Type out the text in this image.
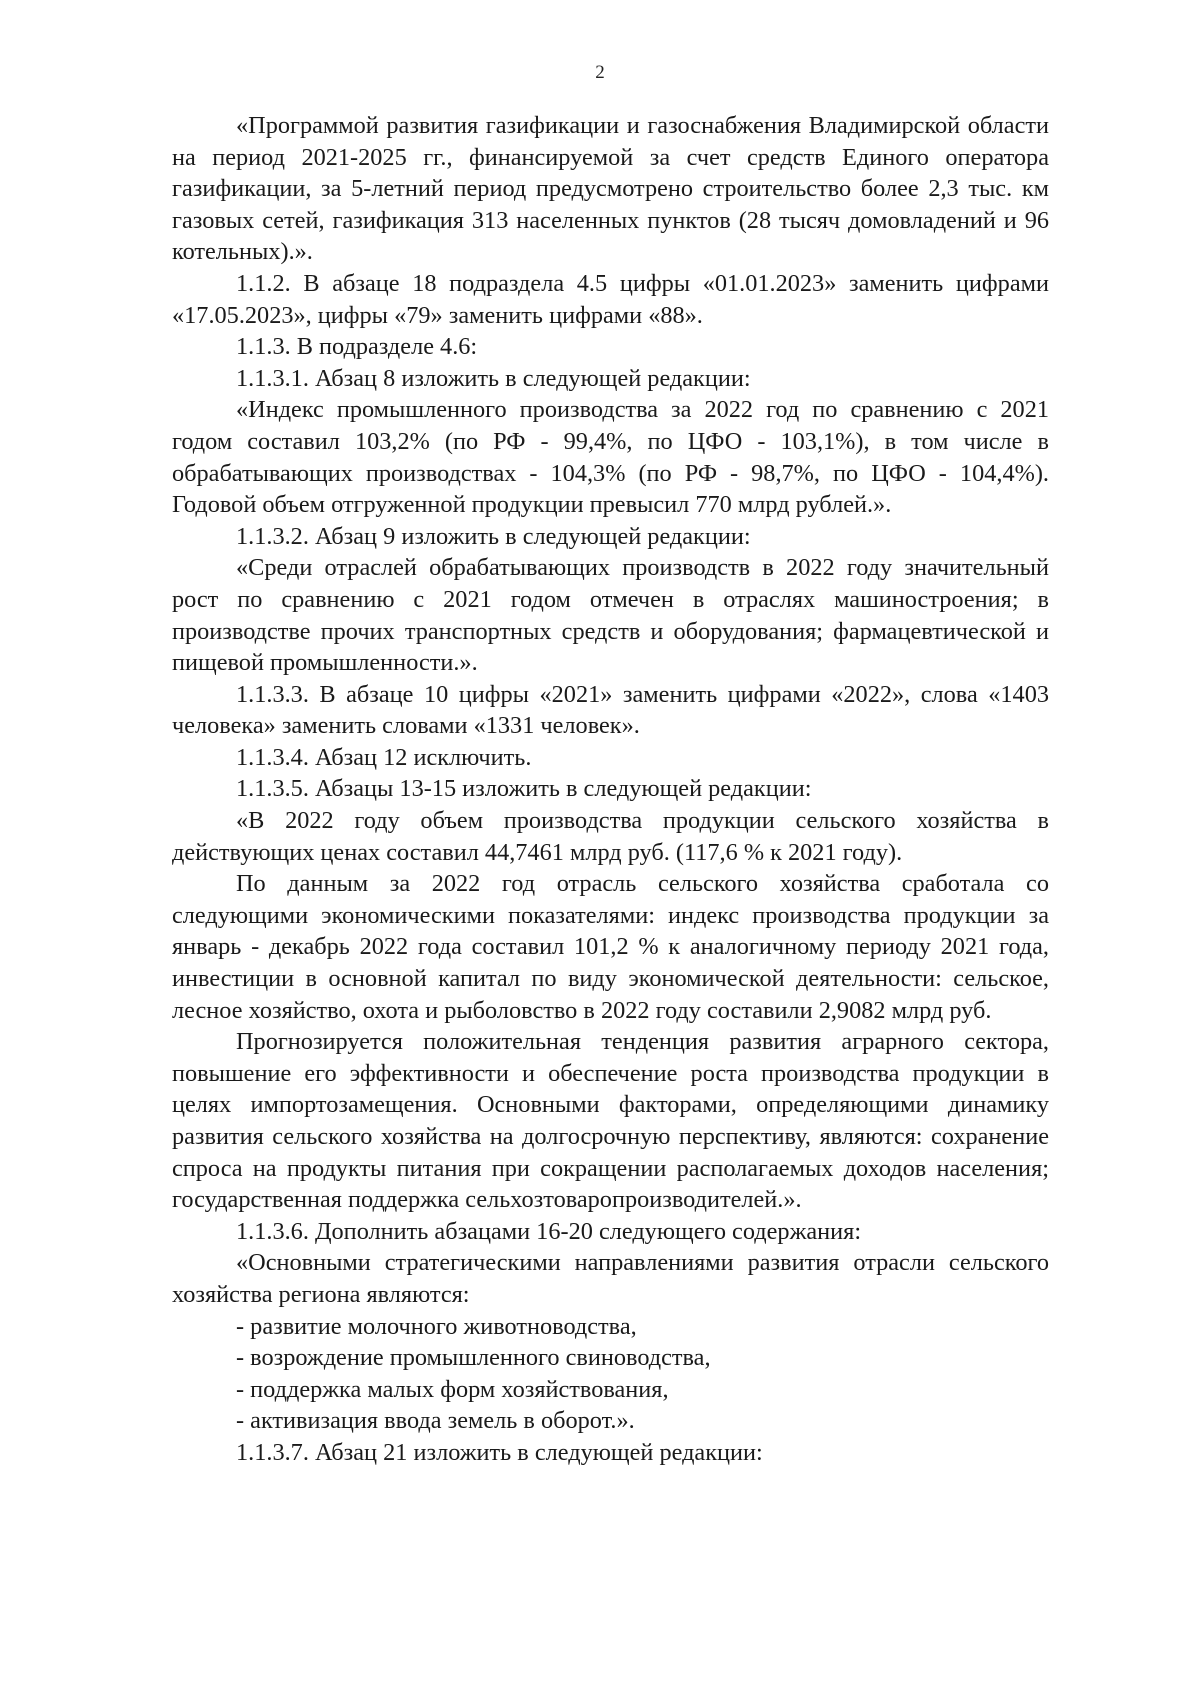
2

«Программой развития газификации и газоснабжения Владимирской области на период 2021-2025 гг., финансируемой за счет средств Единого оператора газификации, за 5-летний период предусмотрено строительство более 2,3 тыс. км газовых сетей, газификация 313 населенных пунктов (28 тысяч домовладений и 96 котельных).».

1.1.2. В абзаце 18 подраздела 4.5 цифры «01.01.2023» заменить цифрами «17.05.2023», цифры «79» заменить цифрами «88».

1.1.3. В подразделе 4.6:

1.1.3.1. Абзац 8 изложить в следующей редакции:

«Индекс промышленного производства за 2022 год по сравнению с 2021 годом составил 103,2% (по РФ - 99,4%, по ЦФО - 103,1%), в том числе в обрабатывающих производствах - 104,3% (по РФ - 98,7%, по ЦФО - 104,4%). Годовой объем отгруженной продукции превысил 770 млрд рублей.».

1.1.3.2. Абзац 9 изложить в следующей редакции:

«Среди отраслей обрабатывающих производств в 2022 году значительный рост по сравнению с 2021 годом отмечен в отраслях машиностроения; в производстве прочих транспортных средств и оборудования; фармацевтической и пищевой промышленности.».

1.1.3.3. В абзаце 10 цифры «2021» заменить цифрами «2022», слова «1403 человека» заменить словами «1331 человек».

1.1.3.4. Абзац 12 исключить.

1.1.3.5. Абзацы 13-15 изложить в следующей редакции:

«В 2022 году объем производства продукции сельского хозяйства в действующих ценах составил 44,7461 млрд руб. (117,6 % к 2021 году).

По данным за 2022 год отрасль сельского хозяйства сработала со следующими экономическими показателями: индекс производства продукции за январь - декабрь 2022 года составил 101,2 % к аналогичному периоду 2021 года, инвестиции в основной капитал по виду экономической деятельности: сельское, лесное хозяйство, охота и рыболовство в 2022 году составили 2,9082 млрд руб.

Прогнозируется положительная тенденция развития аграрного сектора, повышение его эффективности и обеспечение роста производства продукции в целях импортозамещения. Основными факторами, определяющими динамику развития сельского хозяйства на долгосрочную перспективу, являются: сохранение спроса на продукты питания при сокращении располагаемых доходов населения; государственная поддержка сельхозтоваропроизводителей.».

1.1.3.6. Дополнить абзацами 16-20 следующего содержания:

«Основными стратегическими направлениями развития отрасли сельского хозяйства региона являются:

- развитие молочного животноводства,

- возрождение промышленного свиноводства,

- поддержка малых форм хозяйствования,

- активизация ввода земель в оборот.».

1.1.3.7. Абзац 21 изложить в следующей редакции:
